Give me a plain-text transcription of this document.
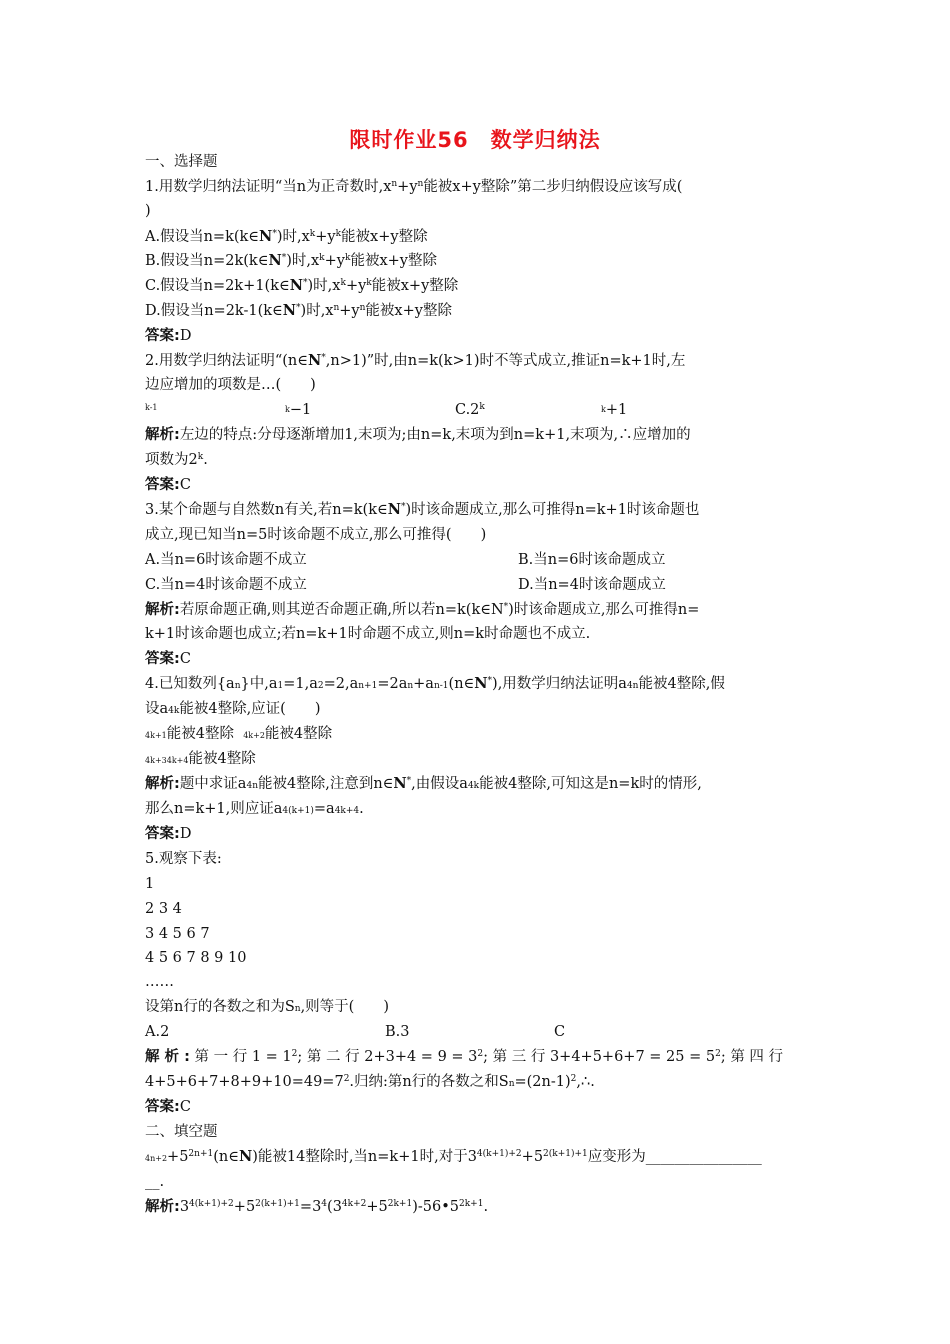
限时作业56　数学归纳法
一、选择题
1.用数学归纳法证明“当n为正奇数时$,x^n+y^n$能被x+y整除”第二步归纳假设应该写成(
)
A.假设当n=k(k∈N*)时$,x^k+y^k$能被x+y整除
B.假设当n=2k(k∈N*)时$,x^k+y^k$能被x+y整除
C.假设当n=2k+1(k∈N*)时$,x^k+y^k$能被x+y整除
D.假设当n=2k-1(k∈N*)时$,x^n+y^n$能被x+y整除
答案:D
2.用数学归纳法证明“(n∈N*,n>1)”时,由n=k(k>1)时不等式成立,推证n=k+1时,左
边应增加的项数是…(　　)
k-1	$^k$−1	C.2$^k$	$^k$+1
解析:左边的特点:分母逐渐增加1,末项为;由n=k,末项为到n=k+1,末项为,∴应增加的
项数为2$^k$.
答案:C
3.某个命题与自然数n有关,若n=k(k∈N*)时该命题成立,那么可推得n=k+1时该命题也
成立,现已知当n=5时该命题不成立,那么可推得(　　)
A.当n=6时该命题不成立	B.当n=6时该命题成立
C.当n=4时该命题不成立	D.当n=4时该命题成立
解析:若原命题正确,则其逆否命题正确,所以若n=k(k∈N*)时该命题成立,那么可推得n=
k+1时该命题也成立;若n=k+1时命题不成立,则n=k时命题也不成立.
答案:C
4.已知数列{an}中,a1=1,a2=2,an+1=2an+an-1(n∈N*),用数学归纳法证明a4n能被4整除,假
设a4k能被4整除,应证(　　)
4k+1能被4整除 4k+2能被4整除
4k+34k+4能被4整除
解析:题中求证a4n能被4整除,注意到n∈N*,由假设a4k能被4整除,可知这是n=k时的情形,
那么n=k+1,则应证a4(k+1)=a4k+4.
答案:D
5.观察下表:
1
2 3 4
3 4 5 6 7
4 5 6 7 8 9 10
……
设第n行的各数之和为Sn,则等于(　　)
A.2	B.3	C
解 析 : 第 一 行 $1 = 1^2$; 第 二 行 $2+3+4 = 9 = 3^2$; 第 三 行 $3+4+5+6+7 = 25 = 5^2$; 第 四 行
$4+5+6+7+8+9+10=49=7^2$.归纳:第n行的各数之和$Sn=(2n-1)^2,\therefore$.
答案:C
二、填空题
$4n+2+5^{2n+1}(n\in N)$能被14整除时,当n=k+1时,对于$3^{4(k+1)+2}+5^{2(k+1)+1}$应变形为________________
__.
解析$:3^{4(k+1)+2}+5^{2(k+1)+1}=3^4(3^{4k+2}+5^{2k+1})-56•5^{2k+1}$.
